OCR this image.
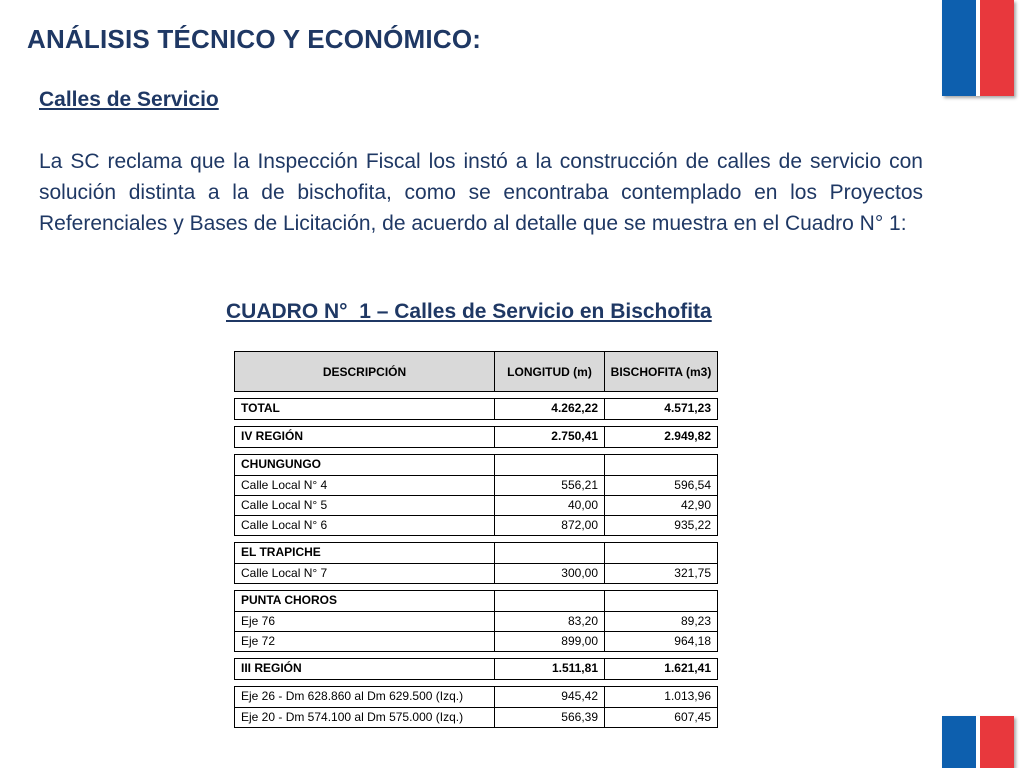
ANÁLISIS TÉCNICO Y ECONÓMICO:
Calles de Servicio

La SC reclama que la Inspección Fiscal los instó a la construcción de calles de servicio con solución distinta a la de bischofita, como se encontraba contemplado en los Proyectos Referenciales y Bases de Licitación, de acuerdo al detalle que se muestra en el Cuadro N° 1:

CUADRO N°  1 – Calles de Servicio en Bischofita
DESCRIPCIÓN	LONGITUD (m)	BISCHOFITA (m3)
TOTAL	4.262,22	4.571,23
IV REGIÓN	2.750,41	2.949,82
CHUNGUNGO
Calle Local N° 4	556,21	596,54
Calle Local N° 5	40,00	42,90
Calle Local N° 6	872,00	935,22
EL TRAPICHE
Calle Local N° 7	300,00	321,75
PUNTA CHOROS
Eje 76	83,20	89,23
Eje 72	899,00	964,18
III REGIÓN	1.511,81	1.621,41
Eje 26 - Dm 628.860 al Dm 629.500 (Izq.)	945,42	1.013,96
Eje 20 - Dm 574.100 al Dm 575.000 (Izq.)	566,39	607,45
